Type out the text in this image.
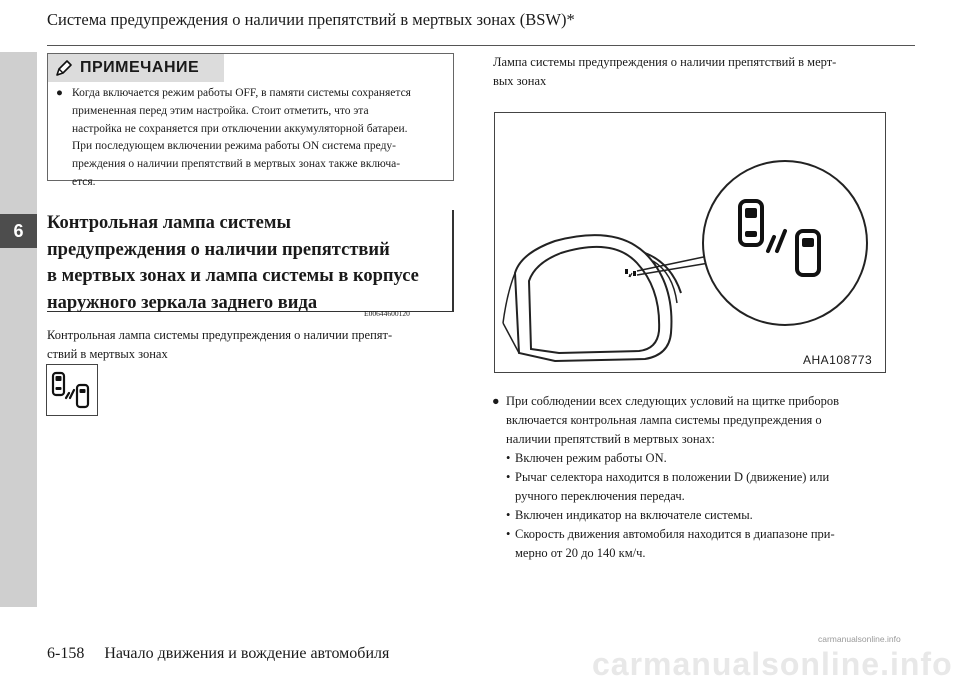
6
Система предупреждения о наличии препятствий в мертвых зонах (BSW)*
ПРИМЕЧАНИЕ
● Когда включается режим работы OFF, в памяти системы сохраняется
примененная перед этим настройка. Стоит отметить, что эта
настройка не сохраняется при отключении аккумуляторной батареи.
При последующем включении режима работы ON система преду-
преждения о наличии препятствий в мертвых зонах также включа-
ется.
Контрольная лампа системы
предупреждения о наличии препятствий
в мертвых зонах и лампа системы в корпусе
наружного зеркала заднего вида
E00644600120
Контрольная лампа системы предупреждения о наличии препят-
ствий в мертвых зонах
Лампа системы предупреждения о наличии препятствий в мерт-
вых зонах
AHA108773
● При соблюдении всех следующих условий на щитке приборов
включается контрольная лампа системы предупреждения о
наличии препятствий в мертвых зонах:
• Включен режим работы ON.
• Рычаг селектора находится в положении D (движение) или
ручного переключения передач.
• Включен индикатор на включателе системы.
• Скорость движения автомобиля находится в диапазоне при-
мерно от 20 до 140 км/ч.
6-158 Начало движения и вождение автомобиля
carmanualsonline.info
carmanualsonline.info
